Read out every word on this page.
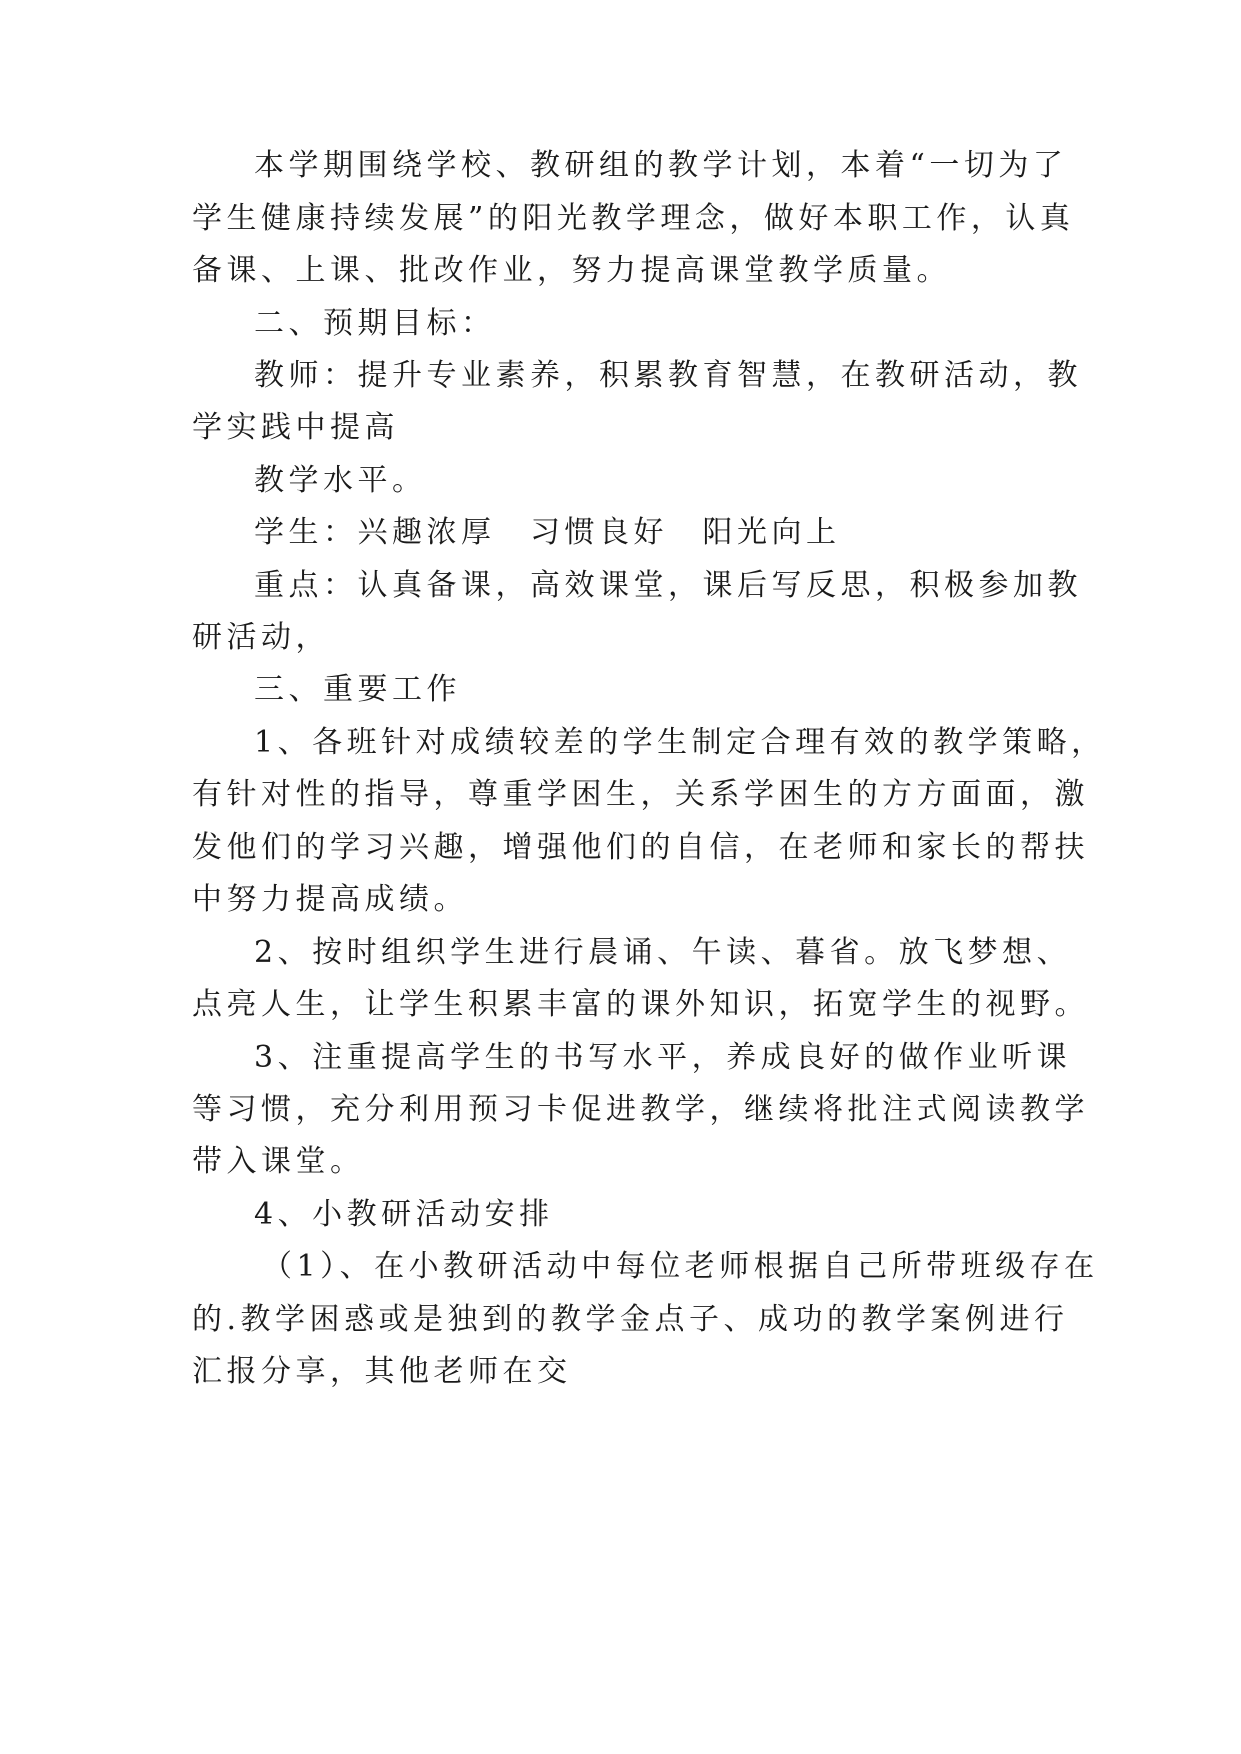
本学期围绕学校、教研组的教学计划，本着“一切为了
学生健康持续发展”的阳光教学理念，做好本职工作，认真
备课、上课、批改作业，努力提高课堂教学质量。
二、预期目标：
教师：提升专业素养，积累教育智慧，在教研活动，教
学实践中提高
教学水平。
学生：兴趣浓厚　习惯良好　阳光向上
重点：认真备课，高效课堂，课后写反思，积极参加教
研活动，
三、重要工作
1、各班针对成绩较差的学生制定合理有效的教学策略，
有针对性的指导，尊重学困生，关系学困生的方方面面，激
发他们的学习兴趣，增强他们的自信，在老师和家长的帮扶
中努力提高成绩。
2、按时组织学生进行晨诵、午读、暮省。放飞梦想、
点亮人生，让学生积累丰富的课外知识，拓宽学生的视野。
3、注重提高学生的书写水平，养成良好的做作业听课
等习惯，充分利用预习卡促进教学，继续将批注式阅读教学
带入课堂。
4、小教研活动安排
（1）、在小教研活动中每位老师根据自己所带班级存在
的.教学困惑或是独到的教学金点子、成功的教学案例进行
汇报分享，其他老师在交
